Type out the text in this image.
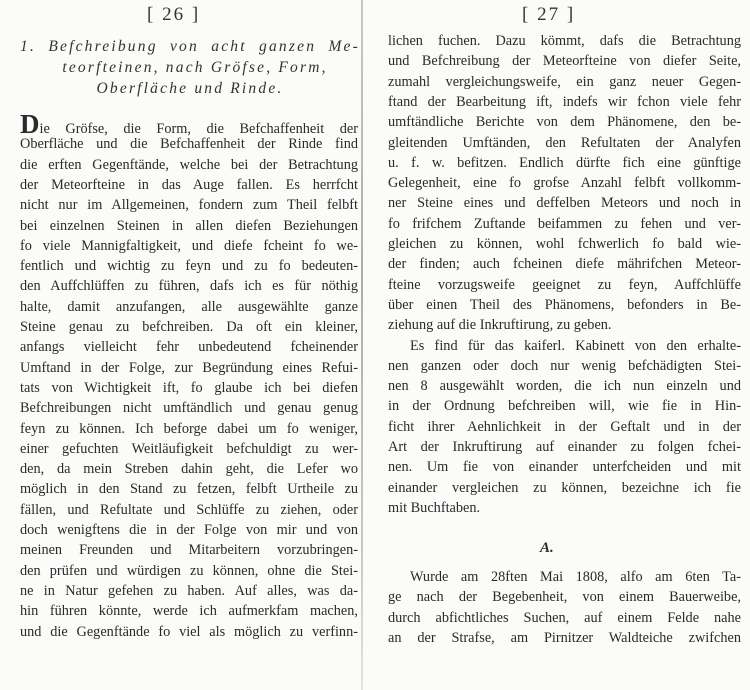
[ 26 ]	[ 27 ]
1. Befchreibung von acht ganzen Me-
teorfteinen, nach Gröfse, Form,
Oberfläche und Rinde.
Die Gröfse, die Form, die Befchaffenheit der
Oberfläche und die Befchaffenheit der Rinde find
die erften Gegenftände, welche bei der Betrachtung
der Meteorfteine in das Auge fallen. Es herrfcht
nicht nur im Allgemeinen, fondern zum Theil felbft
bei einzelnen Steinen in allen diefen Beziehungen
fo viele Mannigfaltigkeit, und diefe fcheint fo we-
fentlich und wichtig zu feyn und zu fo bedeuten-
den Auffchlüffen zu führen, dafs ich es für nöthig
halte, damit anzufangen, alle ausgewählte ganze
Steine genau zu befchreiben. Da oft ein kleiner,
anfangs vielleicht fehr unbedeutend fcheinender
Umftand in der Folge, zur Begründung eines Refui-
tats von Wichtigkeit ift, fo glaube ich bei diefen
Befchreibungen nicht umftändlich und genau genug
feyn zu können. Ich beforge dabei um fo weniger,
einer gefuchten Weitläufigkeit befchuldigt zu wer-
den, da mein Streben dahin geht, die Lefer wo
möglich in den Stand zu fetzen, felbft Urtheile zu
fällen, und Refultate und Schlüffe zu ziehen, oder
doch wenigftens die in der Folge von mir und von
meinen Freunden und Mitarbeitern vorzubringen-
den prüfen und würdigen zu können, ohne die Stei-
ne in Natur gefehen zu haben. Auf alles, was da-
hin führen könnte, werde ich aufmerkfam machen,
und die Gegenftände fo viel als möglich zu verfinn-
lichen fuchen. Dazu kömmt, dafs die Betrachtung
und Befchreibung der Meteorfteine von diefer Seite,
zumahl vergleichungsweife, ein ganz neuer Gegen-
ftand der Bearbeitung ift, indefs wir fchon viele fehr
umftändliche Berichte von dem Phänomene, den be-
gleitenden Umftänden, den Refultaten der Analyfen
u. f. w. befitzen. Endlich dürfte fich eine günftige
Gelegenheit, eine fo grofse Anzahl felbft vollkomm-
ner Steine eines und deffelben Meteors und noch in
fo frifchem Zuftande beifammen zu fehen und ver-
gleichen zu können, wohl fchwerlich fo bald wie-
der finden; auch fcheinen diefe mährifchen Meteor-
fteine vorzugsweife geeignet zu feyn, Auffchlüffe
über einen Theil des Phänomens, befonders in Be-
ziehung auf die Inkruftirung, zu geben.
Es find für das kaiferl. Kabinett von den erhalte-
nen ganzen oder doch nur wenig befchädigten Stei-
nen 8 ausgewählt worden, die ich nun einzeln und
in der Ordnung befchreiben will, wie fie in Hin-
ficht ihrer Aehnlichkeit in der Geftalt und in der
Art der Inkruftirung auf einander zu folgen fchei-
nen. Um fie von einander unterfcheiden und mit
einander vergleichen zu können, bezeichne ich fie
mit Buchftaben.
A.
Wurde am 28ften Mai 1808, alfo am 6ten Ta-
ge nach der Begebenheit, von einem Bauerweibe,
durch abfichtliches Suchen, auf einem Felde nahe
an der Strafse, am Pirnitzer Waldteiche zwifchen
